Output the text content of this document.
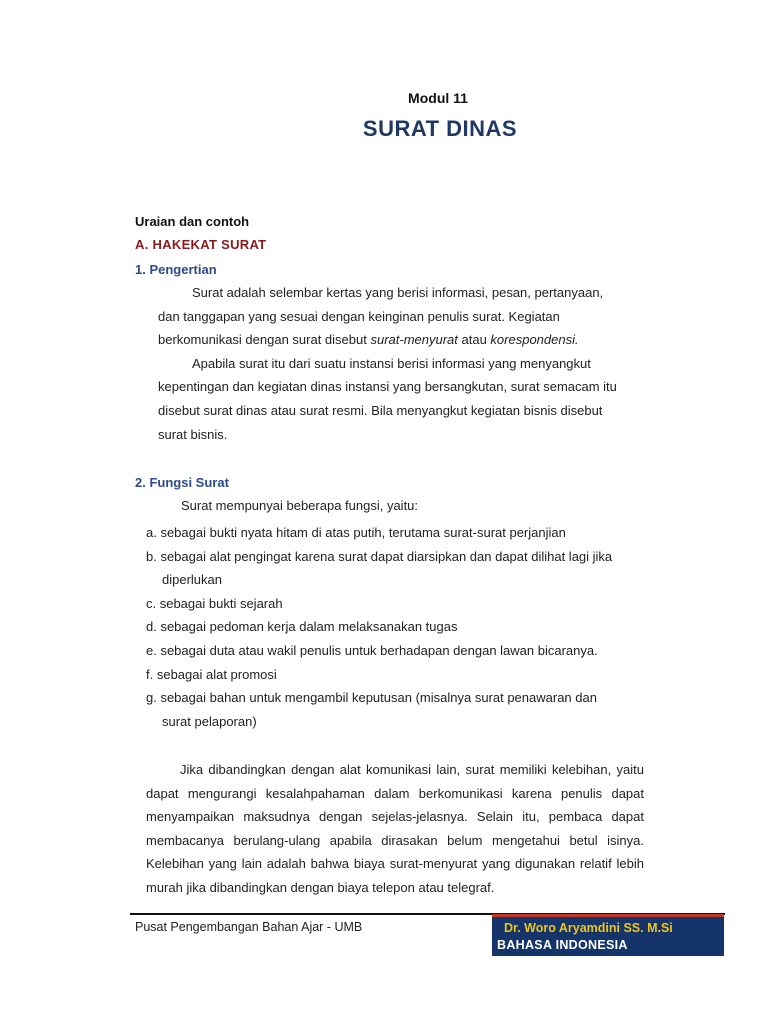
Modul 11
SURAT DINAS
Uraian dan contoh
A. HAKEKAT SURAT
1. Pengertian

Surat adalah selembar kertas yang berisi informasi, pesan, pertanyaan,

dan tanggapan yang sesuai dengan keinginan penulis surat. Kegiatan

berkomunikasi dengan surat disebut surat-menyurat atau korespondensi.

Apabila surat itu dari suatu instansi berisi informasi yang menyangkut

kepentingan dan kegiatan dinas instansi yang bersangkutan, surat semacam itu

disebut surat dinas atau surat resmi. Bila menyangkut kegiatan bisnis disebut

surat bisnis.

2. Fungsi Surat
Surat mempunyai beberapa fungsi, yaitu:
a. sebagai bukti nyata hitam di atas putih, terutama surat-surat perjanjian
b. sebagai alat pengingat karena surat dapat diarsipkan dan dapat dilihat lagi jika
diperlukan
c. sebagai bukti sejarah
d. sebagai pedoman kerja dalam melaksanakan tugas
e. sebagai duta atau wakil penulis untuk berhadapan dengan lawan bicaranya.
f. sebagai alat promosi
g. sebagai bahan untuk mengambil keputusan (misalnya surat penawaran dan
surat pelaporan)

Jika dibandingkan dengan alat komunikasi lain, surat memiliki kelebihan, yaitu dapat mengurangi kesalahpahaman dalam berkomunikasi karena penulis dapat menyampaikan maksudnya dengan sejelas-jelasnya. Selain itu, pembaca dapat membacanya berulang-ulang apabila dirasakan belum mengetahui betul isinya. Kelebihan yang lain adalah bahwa biaya surat-menyurat yang digunakan relatif lebih murah jika dibandingkan dengan biaya telepon atau telegraf.

Pusat Pengembangan Bahan Ajar - UMB	Dr. Woro Aryamdini SS. M.Si
BAHASA INDONESIA
